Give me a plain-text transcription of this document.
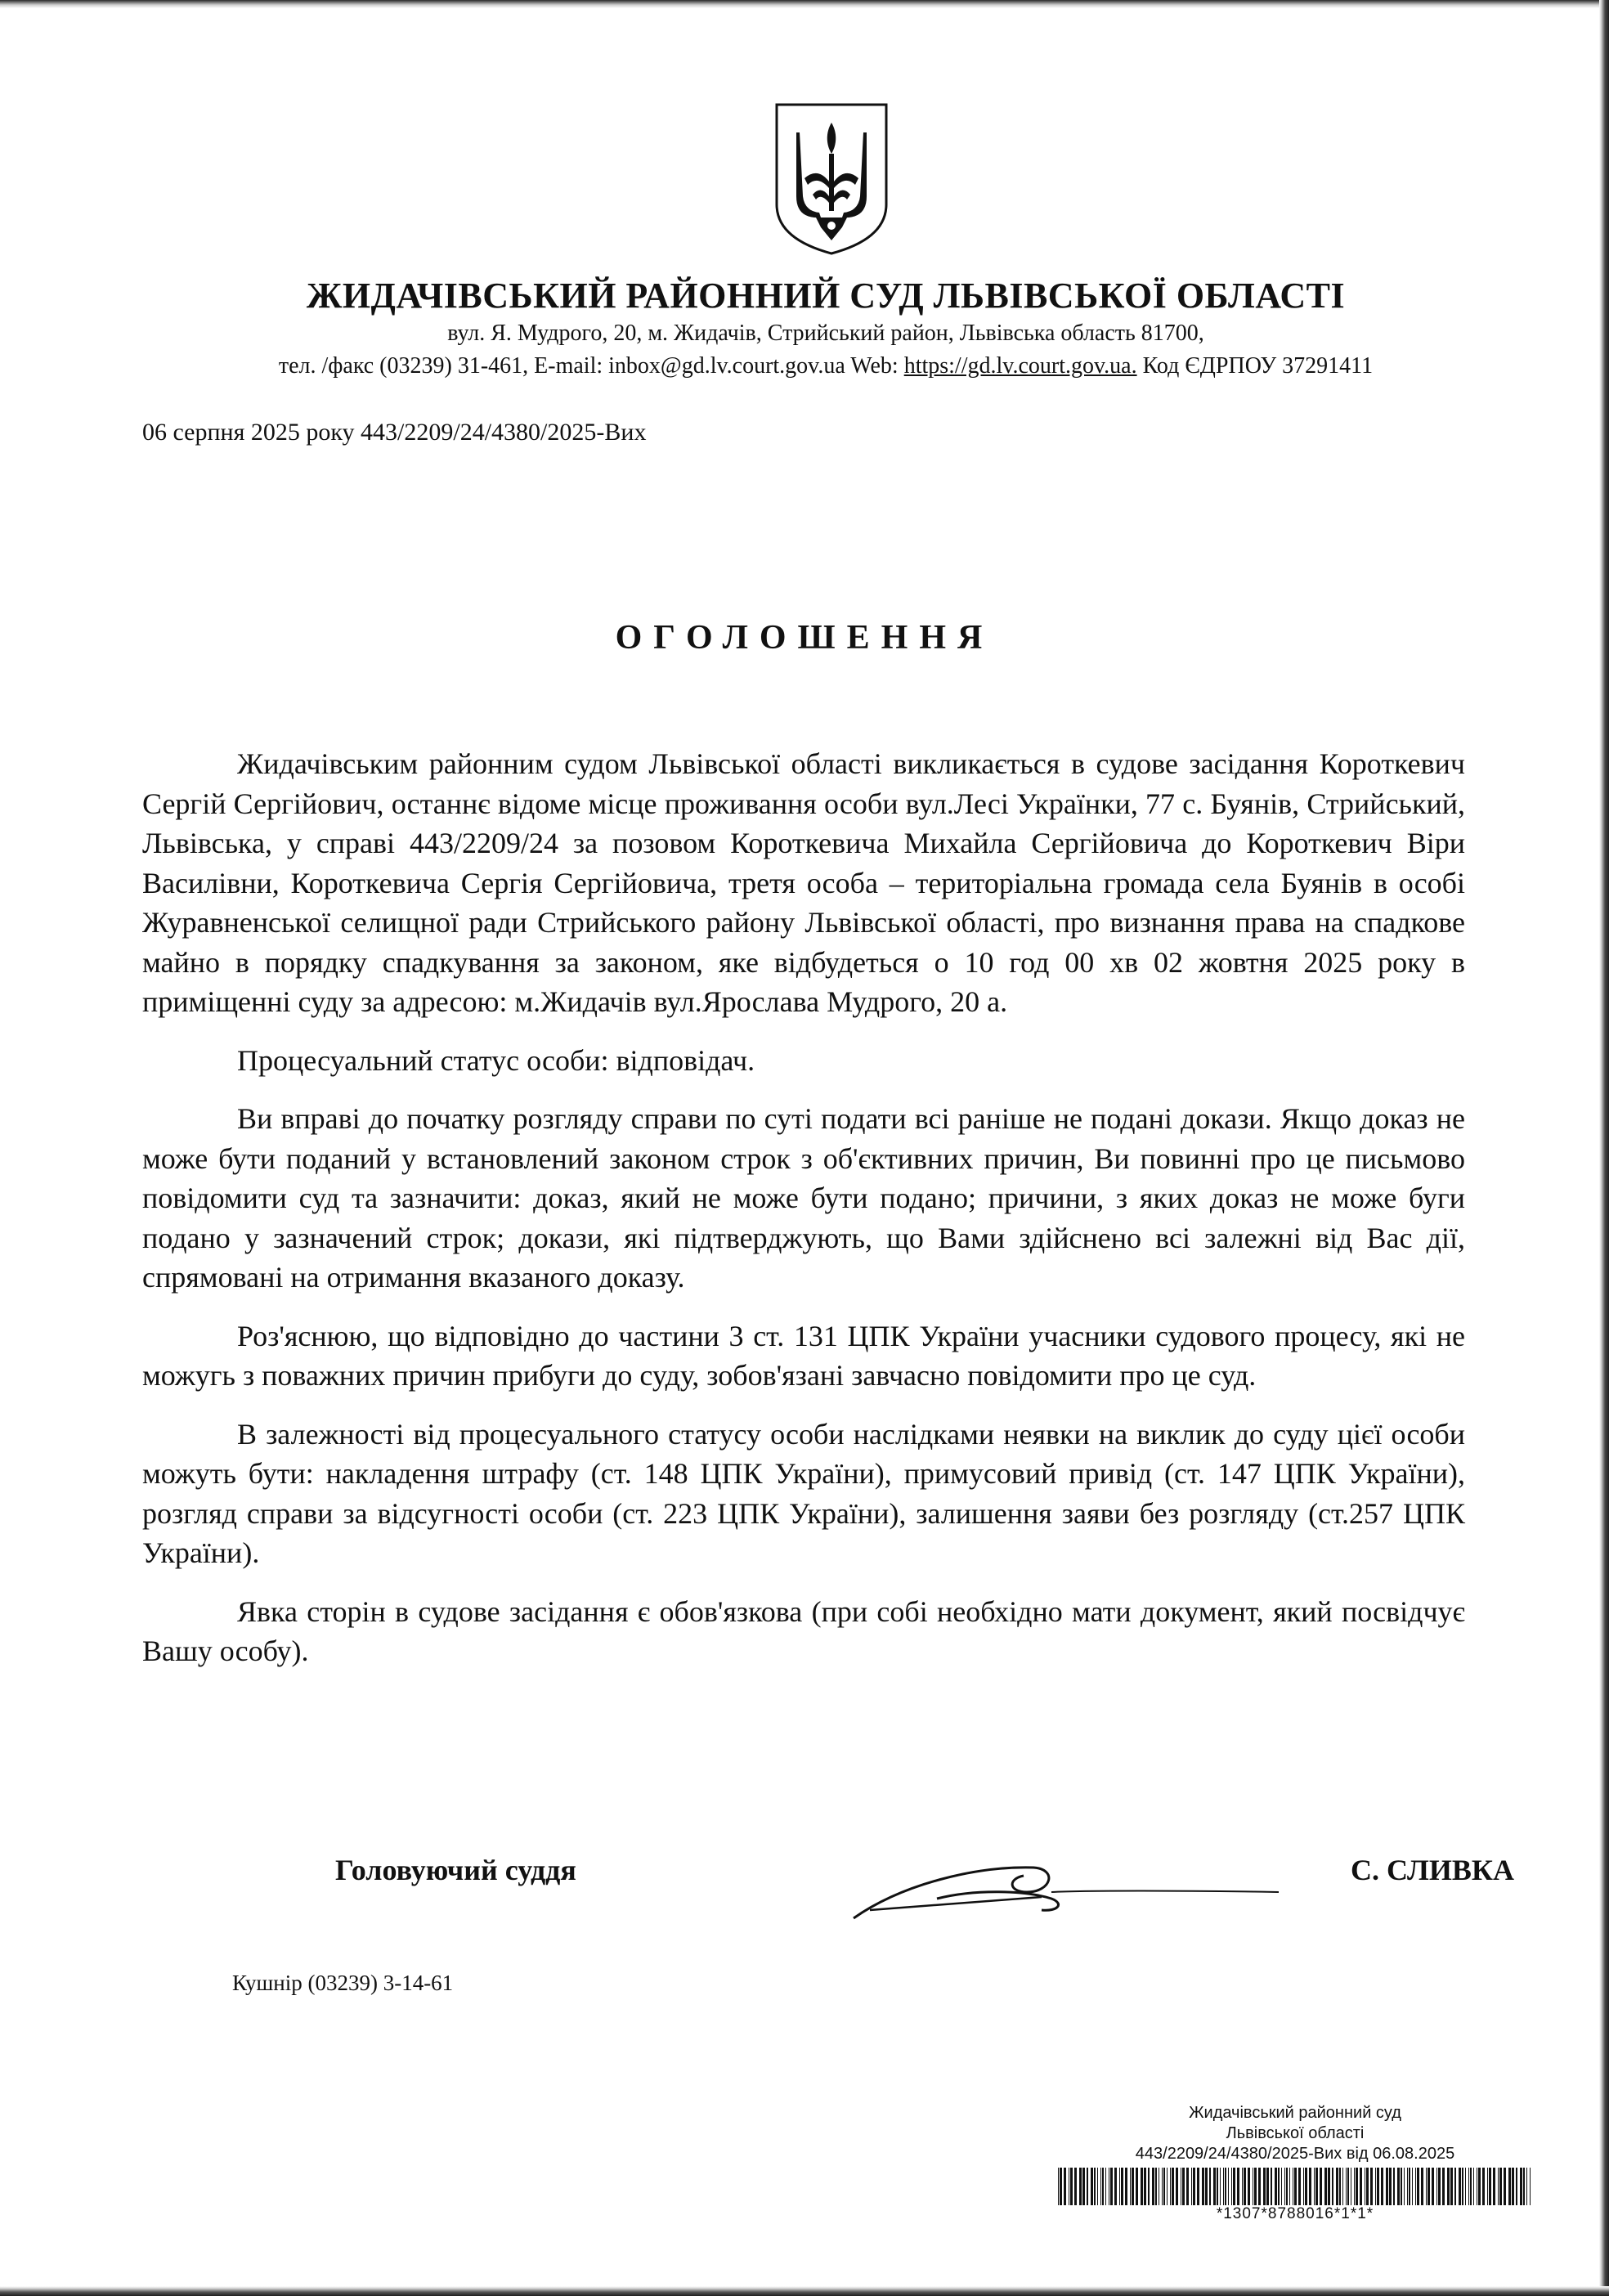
ЖИДАЧІВСЬКИЙ РАЙОННИЙ СУД ЛЬВІВСЬКОЇ ОБЛАСТІ
вул. Я. Мудрого, 20, м. Жидачів, Стрийський район, Львівська область 81700,
тел. /факс (03239) 31-461, E-mail: inbox@gd.lv.court.gov.ua Web: https://gd.lv.court.gov.ua. Код ЄДРПОУ 37291411
06 серпня 2025 року 443/2209/24/4380/2025-Вих
ОГОЛОШЕННЯ

Жидачівським районним судом Львівської області викликається в судове засідання Короткевич Сергій Сергійович, останнє відоме місце проживання особи вул.Лесі Українки, 77 с. Буянів, Стрийський, Львівська, у справі 443/2209/24 за позовом Короткевича Михайла Сергійовича до Короткевич Віри Василівни, Короткевича Сергія Сергійовича, третя особа – територіальна громада села Буянів в особі Журавненської селищної ради Стрийського району Львівської області, про визнання права на спадкове майно в порядку спадкування за законом, яке відбудеться о 10 год 00 хв 02 жовтня 2025 року в приміщенні суду за адресою: м.Жидачів вул.Ярослава Мудрого, 20 а.

Процесуальний статус особи: відповідач.

Ви вправі до початку розгляду справи по суті подати всі раніше не подані докази. Якщо доказ не може бути поданий у встановлений законом строк з об'єктивних причин, Ви повинні про це письмово повідомити суд та зазначити: доказ, який не може бути подано; причини, з яких доказ не може буги подано у зазначений строк; докази, які підтверджують, що Вами здійснено всі залежні від Вас дії, спрямовані на отримання вказаного доказу.

Роз'яснюю, що відповідно до частини 3 ст. 131 ЦПК України учасники судового процесу, які не можугь з поважних причин прибуги до суду, зобов'язані завчасно повідомити про це суд.

В залежності від процесуального статусу особи наслідками неявки на виклик до суду цієї особи можуть бути: накладення штрафу (ст. 148 ЦПК України), примусовий привід (ст. 147 ЦПК України), розгляд справи за відсугності особи (ст. 223 ЦПК України), залишення заяви без розгляду (ст.257 ЦПК України).

Явка сторін в судове засідання є обов'язкова (при собі необхідно мати документ, який посвідчує Вашу особу).

Головуючий суддя	С. СЛИВКА
Кушнір (03239) 3-14-61
Жидачівський районний суд
Львівської області
443/2209/24/4380/2025-Вих від 06.08.2025
*1307*8788016*1*1*
